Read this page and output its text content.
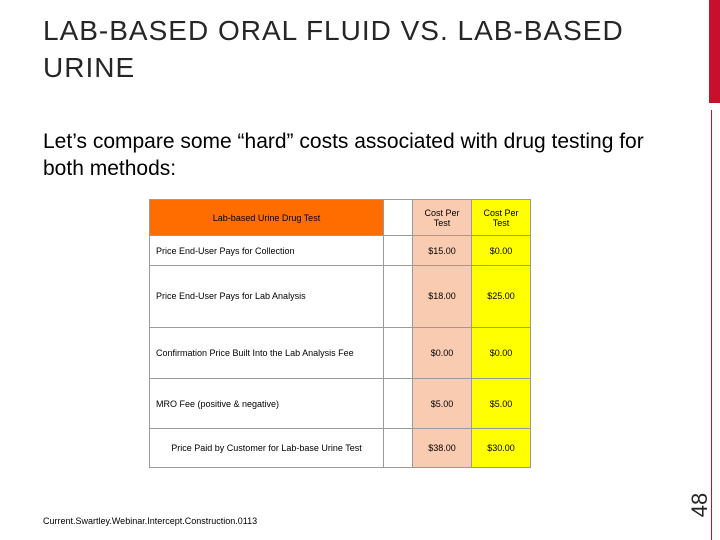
LAB-BASED ORAL FLUID VS. LAB-BASED URINE
Let’s compare some “hard” costs associated with drug testing for both methods:
Lab-based Urine Drug Test		Cost Per Test	Cost Per Test
Price End-User Pays for Collection		$15.00	$0.00
Price End-User Pays for Lab Analysis		$18.00	$25.00
Confirmation Price Built Into the Lab Analysis Fee		$0.00	$0.00
MRO Fee (positive & negative)		$5.00	$5.00
Price Paid by Customer for Lab-base Urine Test		$38.00	$30.00
Current.Swartley.Webinar.Intercept.Construction.0113
48
